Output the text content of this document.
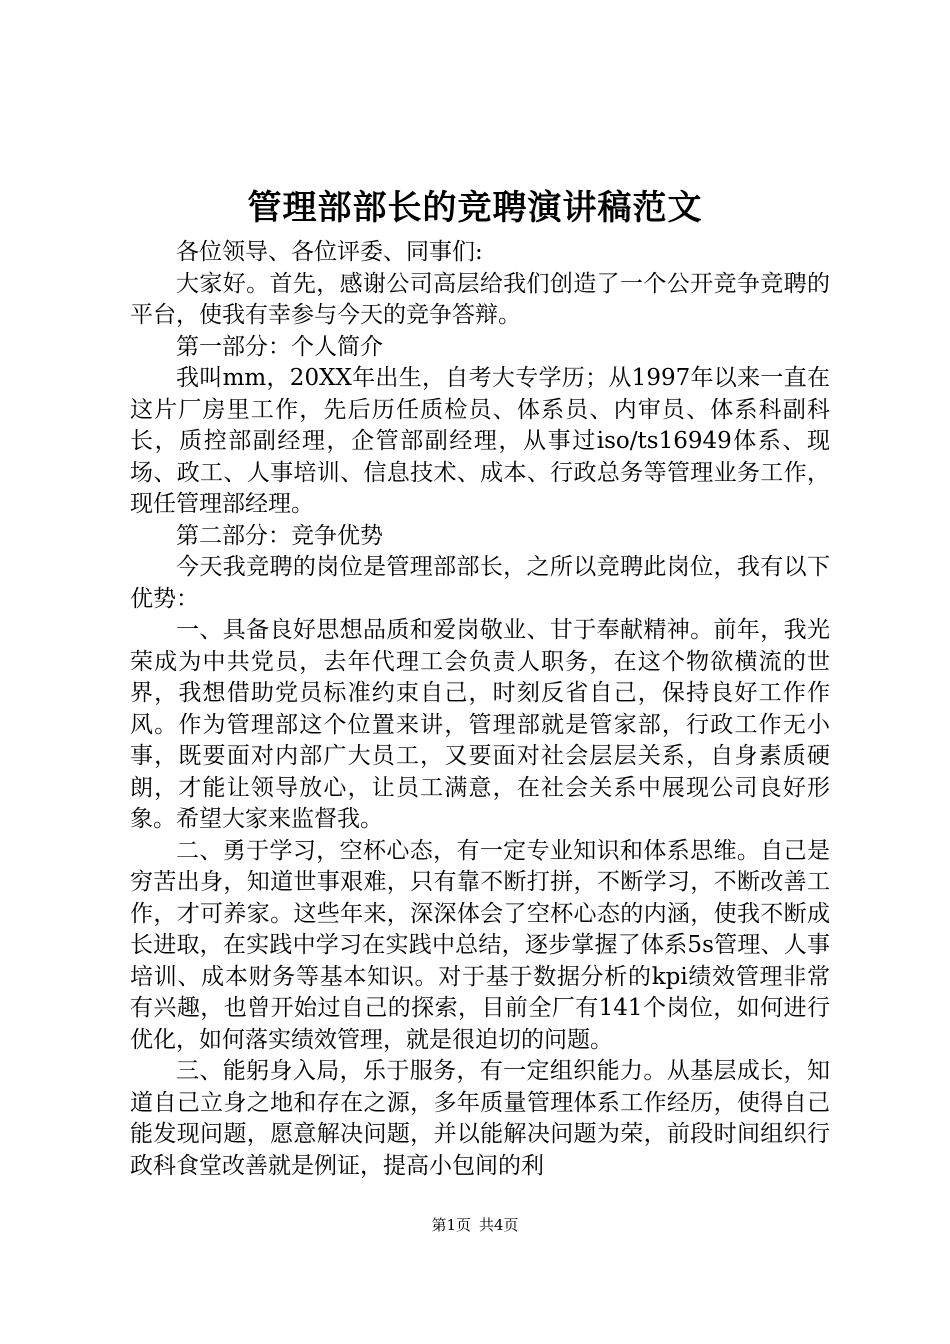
管理部部长的竞聘演讲稿范文

各位领导、各位评委、同事们:

大家好。首先，感谢公司高层给我们创造了一个公开竞争竞聘的平台，使我有幸参与今天的竞争答辩。

第一部分：个人简介

我叫mm，20XX年出生，自考大专学历；从1997年以来一直在这片厂房里工作，先后历任质检员、体系员、内审员、体系科副科长，质控部副经理，企管部副经理，从事过iso/ts16949体系、现场、政工、人事培训、信息技术、成本、行政总务等管理业务工作，现任管理部经理。

第二部分：竞争优势

今天我竞聘的岗位是管理部部长，之所以竞聘此岗位，我有以下优势：

一、具备良好思想品质和爱岗敬业、甘于奉献精神。前年，我光荣成为中共党员，去年代理工会负责人职务，在这个物欲横流的世界，我想借助党员标准约束自己，时刻反省自己，保持良好工作作风。作为管理部这个位置来讲，管理部就是管家部，行政工作无小事，既要面对内部广大员工，又要面对社会层层关系，自身素质硬朗，才能让领导放心，让员工满意，在社会关系中展现公司良好形象。希望大家来监督我。

二、勇于学习，空杯心态，有一定专业知识和体系思维。自己是穷苦出身，知道世事艰难，只有靠不断打拼，不断学习，不断改善工作，才可养家。这些年来，深深体会了空杯心态的内涵，使我不断成长进取，在实践中学习在实践中总结，逐步掌握了体系5s管理、人事培训、成本财务等基本知识。对于基于数据分析的kpi绩效管理非常有兴趣，也曾开始过自己的探索，目前全厂有141个岗位，如何进行优化，如何落实绩效管理，就是很迫切的问题。

三、能躬身入局，乐于服务，有一定组织能力。从基层成长，知道自己立身之地和存在之源，多年质量管理体系工作经历，使得自己能发现问题，愿意解决问题，并以能解决问题为荣，前段时间组织行政科食堂改善就是例证，提高小包间的利

第1页 共4页
